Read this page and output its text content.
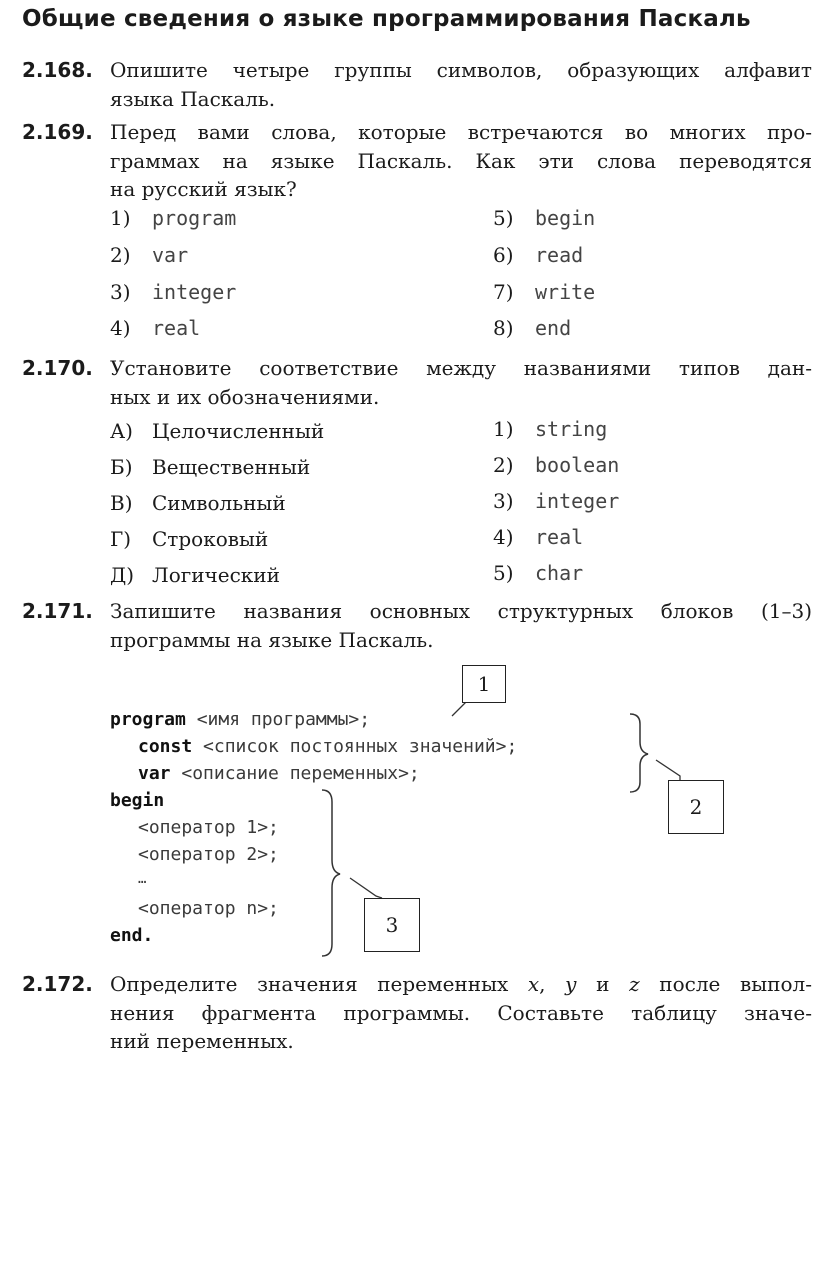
Общие сведения о языке программирования Паскаль
2.168. Опишите четыре группы символов, образующих алфавит
языка Паскаль.
2.169. Перед вами слова, которые встречаются во многих про-
граммах на языке Паскаль. Как эти слова переводятся
на русский язык?
1) program
2) var
3) integer
4) real
5) begin
6) read
7) write
8) end
2.170. Установите соответствие между названиями типов дан-
ных и их обозначениями.
А) Целочисленный
Б) Вещественный
В) Символьный
Г) Строковый
Д) Логический
1) string
2) boolean
3) integer
4) real
5) char
2.171. Запишите названия основных структурных блоков (1–3)
программы на языке Паскаль.
program <имя программы>;
const <список постоянных значений>;
var <описание переменных>;
begin
<оператор 1>;
<оператор 2>;
…
<оператор n>;
end.
1
2
3
2.172. Определите значения переменных x, y и z после выпол-
нения фрагмента программы. Составьте таблицу значе-
ний переменных.
